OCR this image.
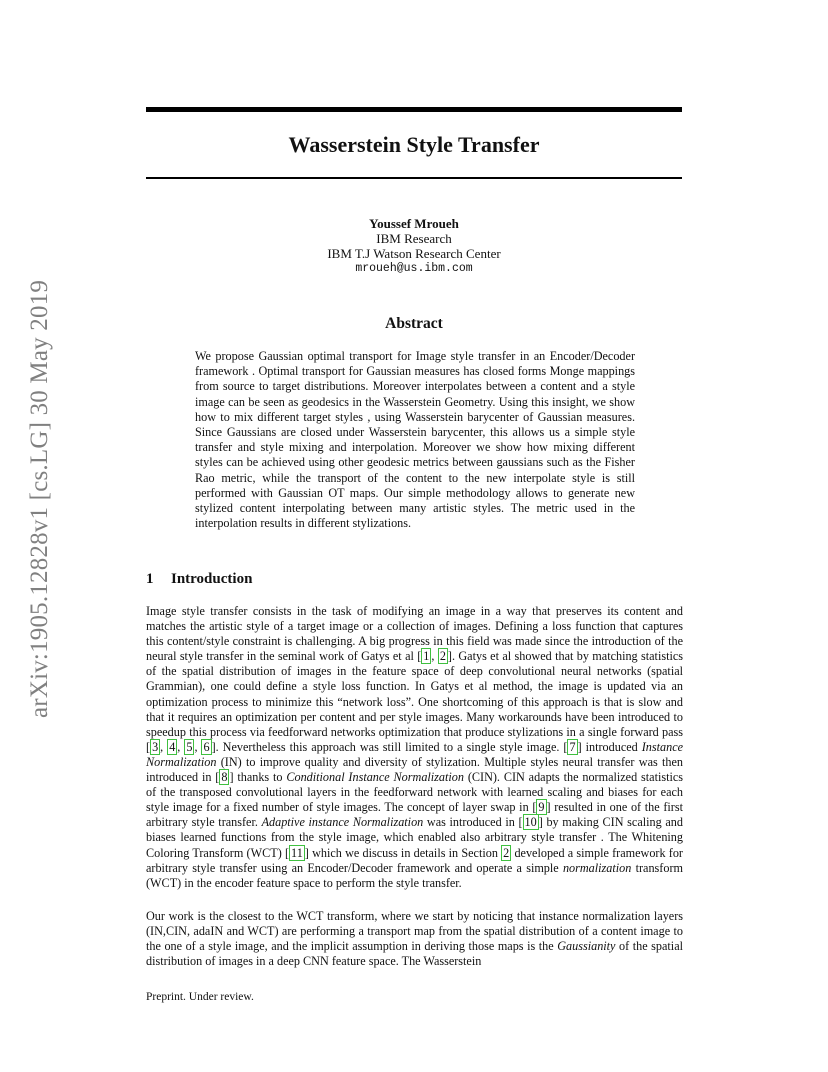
arXiv:1905.12828v1 [cs.LG] 30 May 2019
Wasserstein Style Transfer
Youssef Mroueh
IBM Research
IBM T.J Watson Research Center
mroueh@us.ibm.com
Abstract

We propose Gaussian optimal transport for Image style transfer in an Encoder/Decoder framework . Optimal transport for Gaussian measures has closed forms Monge mappings from source to target distributions. Moreover interpolates between a content and a style image can be seen as geodesics in the Wasserstein Geometry. Using this insight, we show how to mix different target styles , using Wasserstein barycenter of Gaussian measures. Since Gaussians are closed under Wasserstein barycenter, this allows us a simple style transfer and style mixing and interpolation. Moreover we show how mixing different styles can be achieved using other geodesic metrics between gaussians such as the Fisher Rao metric, while the transport of the content to the new interpolate style is still performed with Gaussian OT maps. Our simple methodology allows to generate new stylized content interpolating between many artistic styles. The metric used in the interpolation results in different stylizations.

1 Introduction

Image style transfer consists in the task of modifying an image in a way that preserves its content and matches the artistic style of a target image or a collection of images. Defining a loss function that captures this content/style constraint is challenging. A big progress in this field was made since the introduction of the neural style transfer in the seminal work of Gatys et al [ 1 , 2 ]. Gatys et al showed that by matching statistics of the spatial distribution of images in the feature space of deep convolutional neural networks (spatial Grammian), one could define a style loss function. In Gatys et al method, the image is updated via an optimization process to minimize this “network loss”. One shortcoming of this approach is that is slow and that it requires an optimization per content and per style images. Many workarounds have been introduced to speedup this process via feedforward networks optimization that produce stylizations in a single forward pass [ 3 , 4 , 5 , 6 ]. Nevertheless this approach was still limited to a single style image. [ 7 ] introduced Instance Normalization (IN) to improve quality and diversity of stylization. Multiple styles neural transfer was then introduced in [ 8 ] thanks to Conditional Instance Normalization (CIN). CIN adapts the normalized statistics of the transposed convolutional layers in the feedforward network with learned scaling and biases for each style image for a fixed number of style images. The concept of layer swap in [ 9 ] resulted in one of the first arbitrary style transfer. Adaptive instance Normalization was introduced in [ 10 ] by making CIN scaling and biases learned functions from the style image, which enabled also arbitrary style transfer . The Whitening Coloring Transform (WCT) [ 11 ] which we discuss in details in Section 2 developed a simple framework for arbitrary style transfer using an Encoder/Decoder framework and operate a simple normalization transform (WCT) in the encoder feature space to perform the style transfer.

Our work is the closest to the WCT transform, where we start by noticing that instance normalization layers (IN,CIN, adaIN and WCT) are performing a transport map from the spatial distribution of a content image to the one of a style image, and the implicit assumption in deriving those maps is the Gaussianity of the spatial distribution of images in a deep CNN feature space. The Wasserstein

Preprint. Under review.
